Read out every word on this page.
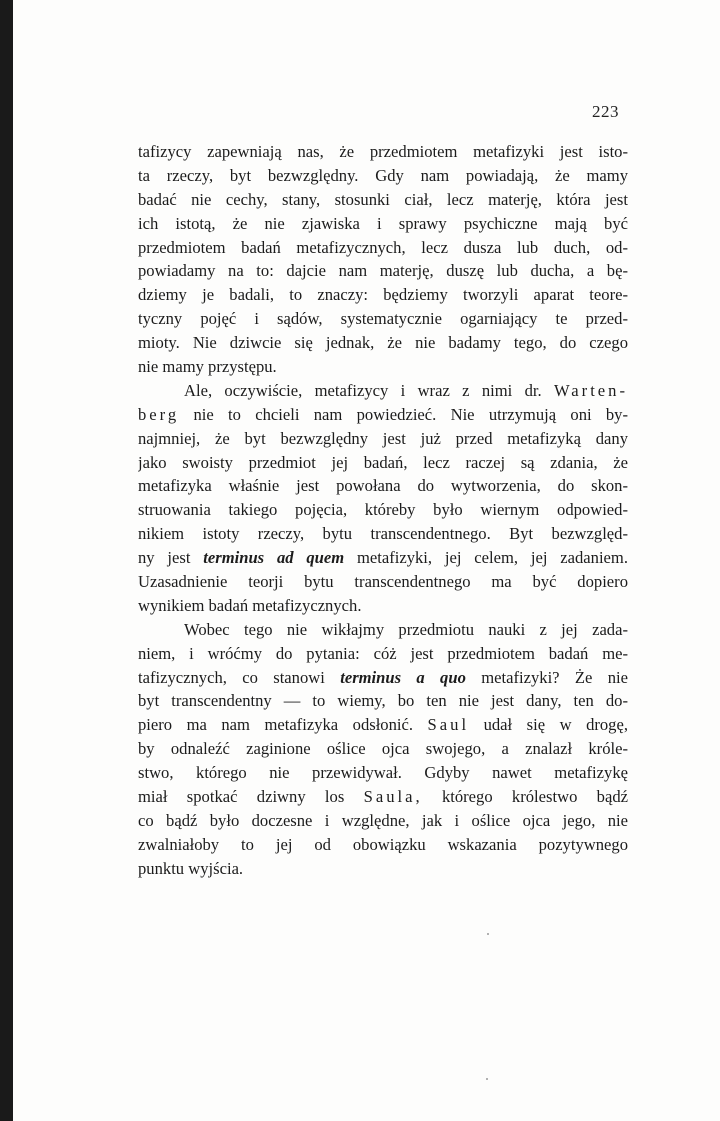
223
tafizycy zapewniają nas, że przedmiotem metafizyki jest isto-
ta rzeczy, byt bezwzględny. Gdy nam powiadają, że mamy
badać nie cechy, stany, stosunki ciał, lecz materję, która jest
ich istotą, że nie zjawiska i sprawy psychiczne mają być
przedmiotem badań metafizycznych, lecz dusza lub duch, od-
powiadamy na to: dajcie nam materję, duszę lub ducha, a bę-
dziemy je badali, to znaczy: będziemy tworzyli aparat teore-
tyczny pojęć i sądów, systematycznie ogarniający te przed-
mioty. Nie dziwcie się jednak, że nie badamy tego, do czego
nie mamy przystępu.
Ale, oczywiście, metafizycy i wraz z nimi dr. Warten-
berg nie to chcieli nam powiedzieć. Nie utrzymują oni by-
najmniej, że byt bezwzględny jest już przed metafizyką dany
jako swoisty przedmiot jej badań, lecz raczej są zdania, że
metafizyka właśnie jest powołana do wytworzenia, do skon-
struowania takiego pojęcia, któreby było wiernym odpowied-
nikiem istoty rzeczy, bytu transcendentnego. Byt bezwzględ-
ny jest terminus ad quem metafizyki, jej celem, jej zadaniem.
Uzasadnienie teorji bytu transcendentnego ma być dopiero
wynikiem badań metafizycznych.
Wobec tego nie wikłajmy przedmiotu nauki z jej zada-
niem, i wróćmy do pytania: cóż jest przedmiotem badań me-
tafizycznych, co stanowi terminus a quo metafizyki? Że nie
byt transcendentny — to wiemy, bo ten nie jest dany, ten do-
piero ma nam metafizyka odsłonić. Saul udał się w drogę,
by odnaleźć zaginione oślice ojca swojego, a znalazł króle-
stwo, którego nie przewidywał. Gdyby nawet metafizykę
miał spotkać dziwny los Saula, którego królestwo bądź
co bądź było doczesne i względne, jak i oślice ojca jego, nie
zwalniałoby to jej od obowiązku wskazania pozytywnego
punktu wyjścia.
